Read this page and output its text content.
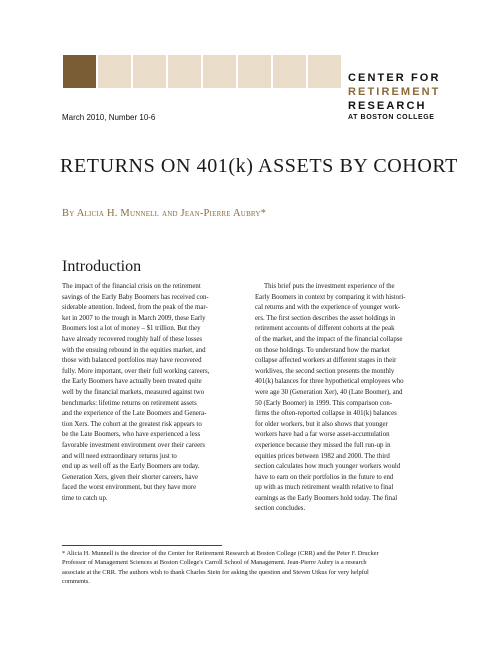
CENTER FOR
RETIREMENT
RESEARCH
AT BOSTON COLLEGE
March 2010, Number 10-6
RETURNS ON 401(k) ASSETS BY COHORT
By Alicia H. Munnell and Jean-Pierre Aubry*
Introduction
The impact of the financial crisis on the retirement
savings of the Early Baby Boomers has received con-
siderable attention. Indeed, from the peak of the mar-
ket in 2007 to the trough in March 2009, these Early
Boomers lost a lot of money – $1 trillion. But they
have already recovered roughly half of these losses
with the ensuing rebound in the equities market, and
those with balanced portfolios may have recovered
fully. More important, over their full working careers,
the Early Boomers have actually been treated quite
well by the financial markets, measured against two
benchmarks: lifetime returns on retirement assets
and the experience of the Late Boomers and Genera-
tion Xers. The cohort at the greatest risk appears to
be the Late Boomers, who have experienced a less
favorable investment environment over their careers
and will need extraordinary returns just to
end up as well off as the Early Boomers are today.
Generation Xers, given their shorter careers, have
faced the worst environment, but they have more
time to catch up.
This brief puts the investment experience of the
Early Boomers in context by comparing it with histori-
cal returns and with the experience of younger work-
ers. The first section describes the asset holdings in
retirement accounts of different cohorts at the peak
of the market, and the impact of the financial collapse
on those holdings. To understand how the market
collapse affected workers at different stages in their
worklives, the second section presents the monthly
401(k) balances for three hypothetical employees who
were age 30 (Generation Xer), 40 (Late Boomer), and
50 (Early Boomer) in 1999. This comparison con-
firms the often-reported collapse in 401(k) balances
for older workers, but it also shows that younger
workers have had a far worse asset-accumulation
experience because they missed the full run-up in
equities prices between 1982 and 2000. The third
section calculates how much younger workers would
have to earn on their portfolios in the future to end
up with as much retirement wealth relative to final
earnings as the Early Boomers hold today. The final
section concludes.
* Alicia H. Munnell is the director of the Center for Retirement Research at Boston College (CRR) and the Peter F. Drucker
Professor of Management Sciences at Boston College's Carroll School of Management. Jean-Pierre Aubry is a research
associate at the CRR. The authors wish to thank Charles Stein for asking the question and Steven Utkus for very helpful
comments.
